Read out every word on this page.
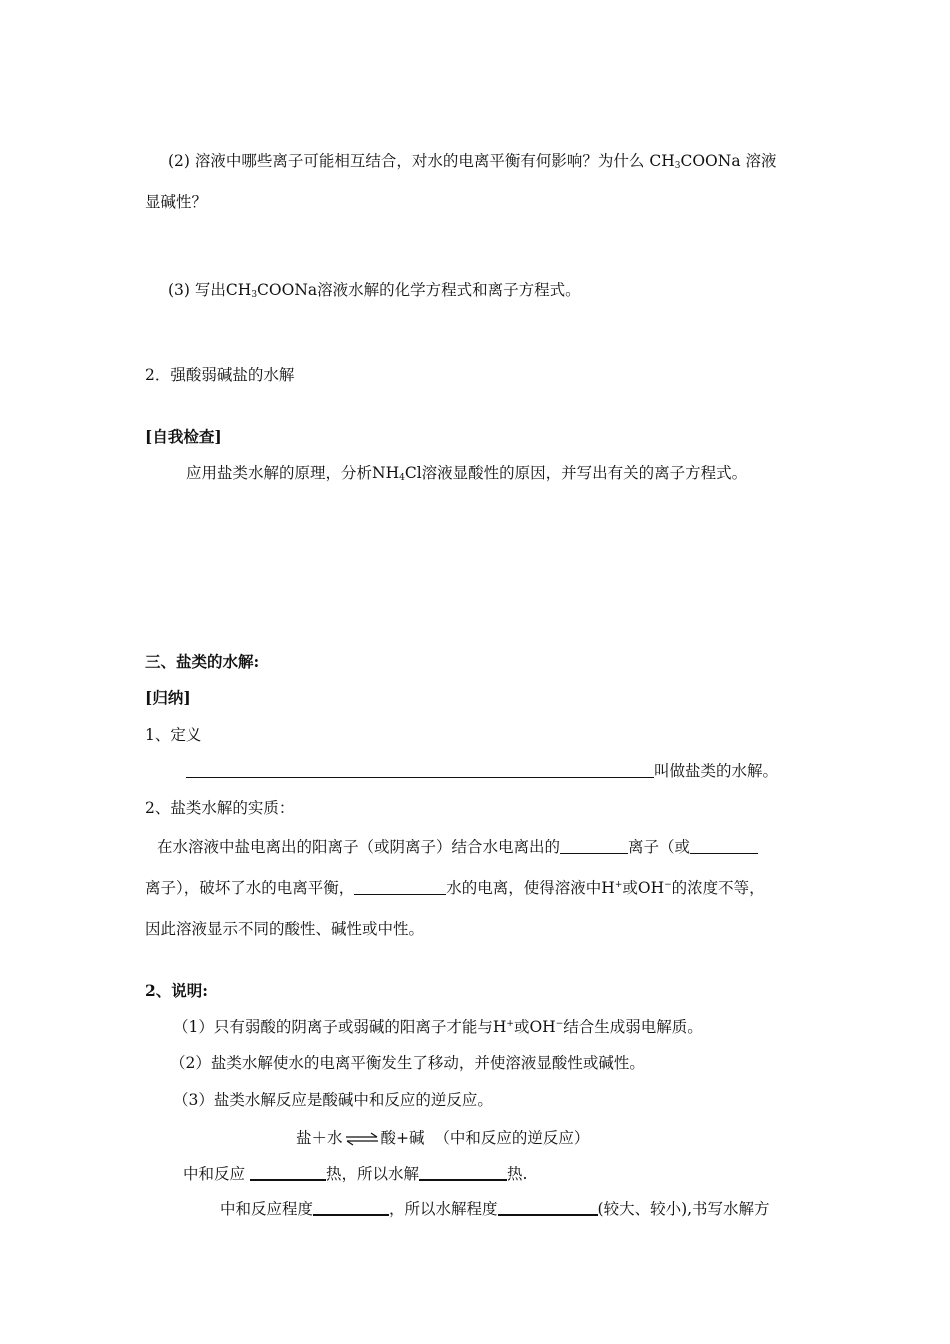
(2) 溶液中哪些离子可能相互结合，对水的电离平衡有何影响？为什么 $CH_3COONa$ 溶液
显碱性？
(3) 写出$CH_3COONa$溶液水解的化学方程式和离子方程式。
2．强酸弱碱盐的水解
[自我检查]
应用盐类水解的原理，分析$NH_4Cl$溶液显酸性的原因，并写出有关的离子方程式。
三、盐类的水解:
[归纳]
1、定义
叫做盐类的水解。
2、盐类水解的实质：
在水溶液中盐电离出的阳离子（或阴离子）结合水电离出的	离子（或
离子），破坏了水的电离平衡，	水的电离，使得溶液中H+或OH−的浓度不等，
因此溶液显示不同的酸性、碱性或中性。
2、说明:
（1）只有弱酸的阴离子或弱碱的阳离子才能与H+或OH−结合生成弱电解质。
（2）盐类水解使水的电离平衡发生了移动，并使溶液显酸性或碱性。
（3）盐类水解反应是酸碱中和反应的逆反应。
盐＋水 ⇌ 酸+碱 （中和反应的逆反应）
中和反应	热，所以水解	热.
中和反应程度	，所以水解程度	(较大、较小),书写水解方
